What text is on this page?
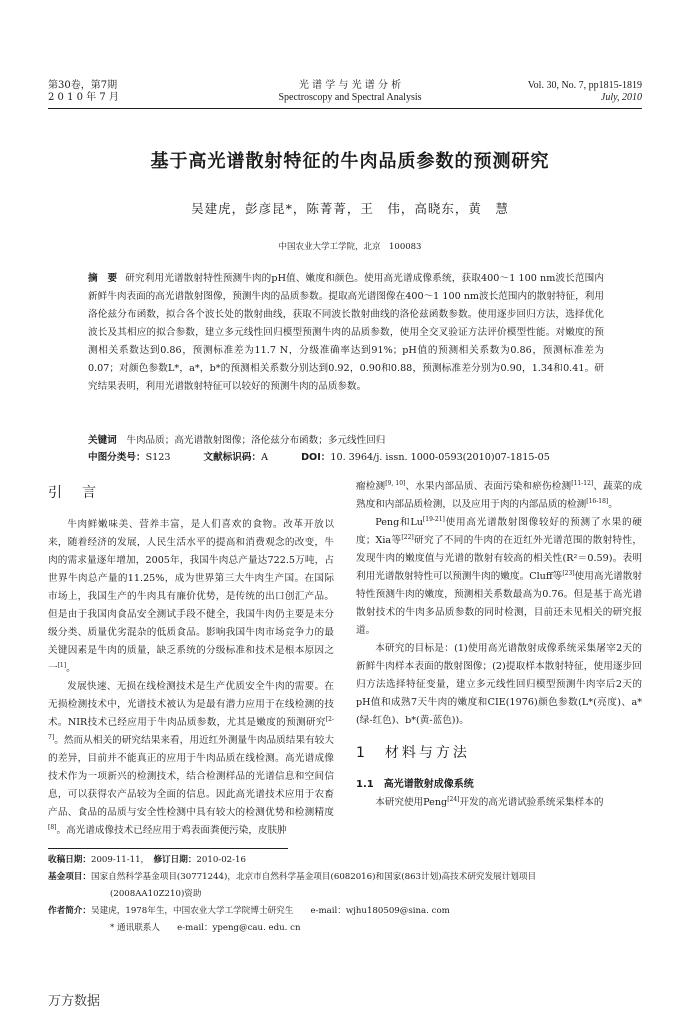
第30卷，第7期
2 0 1 0 年 7 月
光 谱 学 与 光 谱 分 析
Spectroscopy and Spectral Analysis
Vol. 30, No. 7, pp1815-1819
July, 2010
基于高光谱散射特征的牛肉品质参数的预测研究
吴建虎，彭彦昆*，陈菁菁，王　伟，高晓东，黄　慧
中国农业大学工学院，北京　100083
摘　要 研究利用光谱散射特性预测牛肉的pH值、嫩度和颜色。使用高光谱成像系统，获取400～1 100 nm波长范围内新鲜牛肉表面的高光谱散射图像，预测牛肉的品质参数。提取高光谱图像在400～1 100 nm波长范围内的散射特征，利用洛伦兹分布函数，拟合各个波长处的散射曲线，获取不同波长散射曲线的洛伦兹函数参数。使用逐步回归方法，选择优化波长及其相应的拟合参数，建立多元线性回归模型预测牛肉的品质参数，使用全交叉验证方法评价模型性能。对嫩度的预测相关系数达到0.86，预测标准差为11.7 N，分级准确率达到91%；pH值的预测相关系数为0.86，预测标准差为0.07；对颜色参数L*，a*，b*的预测相关系数分别达到0.92，0.90和0.88，预测标准差分别为0.90，1.34和0.41。研究结果表明，利用光谱散射特征可以较好的预测牛肉的品质参数。
关键词　 牛肉品质；高光谱散射图像；洛伦兹分布函数；多元线性回归
中图分类号：S123	文献标识码：A	DOI：10. 3964/j. issn. 1000-0593(2010)07-1815-05
引　言

牛肉鲜嫩味美、营养丰富，是人们喜欢的食物。改革开放以来，随着经济的发展，人民生活水平的提高和消费观念的改变，牛肉的需求量逐年增加，2005年，我国牛肉总产量达722.5万吨，占世界牛肉总产量的11.25%，成为世界第三大牛肉生产国。在国际市场上，我国生产的牛肉具有廉价优势，是传统的出口创汇产品。但是由于我国肉食品安全测试手段不健全，我国牛肉仍主要是未分级分类、质量优劣混杂的低质食品。影响我国牛肉市场竞争力的最关键因素是牛肉的质量，缺乏系统的分级标准和技术是根本原因之一[1]。

发展快速、无损在线检测技术是生产优质安全牛肉的需要。在无损检测技术中，光谱技术被认为是最有潜力应用于在线检测的技术。NIR技术已经应用于牛肉品质参数，尤其是嫩度的预测研究[2-7]。然而从相关的研究结果来看，用近红外测量牛肉品质结果有较大的差异，目前并不能真正的应用于牛肉品质在线检测。高光谱成像技术作为一项新兴的检测技术，结合检测样品的光谱信息和空间信息，可以获得农产品较为全面的信息。因此高光谱技术应用于农畜产品、食品的品质与安全性检测中具有较大的检测优势和检测精度[8]。高光谱成像技术已经应用于鸡表面粪便污染，皮肤肿

瘤检测[9, 10]、水果内部品质、表面污染和瘀伤检测[11-12]、蔬菜的成熟度和内部品质检测，以及应用于肉的内部品质的检测[16-18]。

Peng和Lu[19-21]使用高光谱散射图像较好的预测了水果的硬度；Xia等[22]研究了不同的牛肉的在近红外光谱范围的散射特性，发现牛肉的嫩度值与光谱的散射有较高的相关性(R²＝0.59)。表明利用光谱散射特性可以预测牛肉的嫩度。Cluff等[23]使用高光谱散射特性预测牛肉的嫩度，预测相关系数最高为0.76。但是基于高光谱散射技术的牛肉多品质参数的同时检测，目前还未见相关的研究报道。

本研究的目标是：(1)使用高光谱散射成像系统采集屠宰2天的新鲜牛肉样本表面的散射图像；(2)提取样本散射特征，使用逐步回归方法选择特征变量，建立多元线性回归模型预测牛肉宰后2天的pH值和成熟7天牛肉的嫩度和CIE(1976)颜色参数(L*(亮度)、a*(绿-红色)、b*(黄-蓝色))。

1　材料与方法
1.1　高光谱散射成像系统

本研究使用Peng[24]开发的高光谱试验系统采集样本的

收稿日期：2009-11-11，　 修订日期：2010-02-16
基金项目：国家自然科学基金项目(30771244)，北京市自然科学基金项目(6082016)和国家(863计划)高技术研究发展计划项目
(2008AA10Z210)资助
作者简介：吴建虎，1978年生，中国农业大学工学院博士研究生　　e-mail：wjhu180509@sina. com
* 通讯联系人　　e-mail：ypeng@cau. edu. cn
万方数据
